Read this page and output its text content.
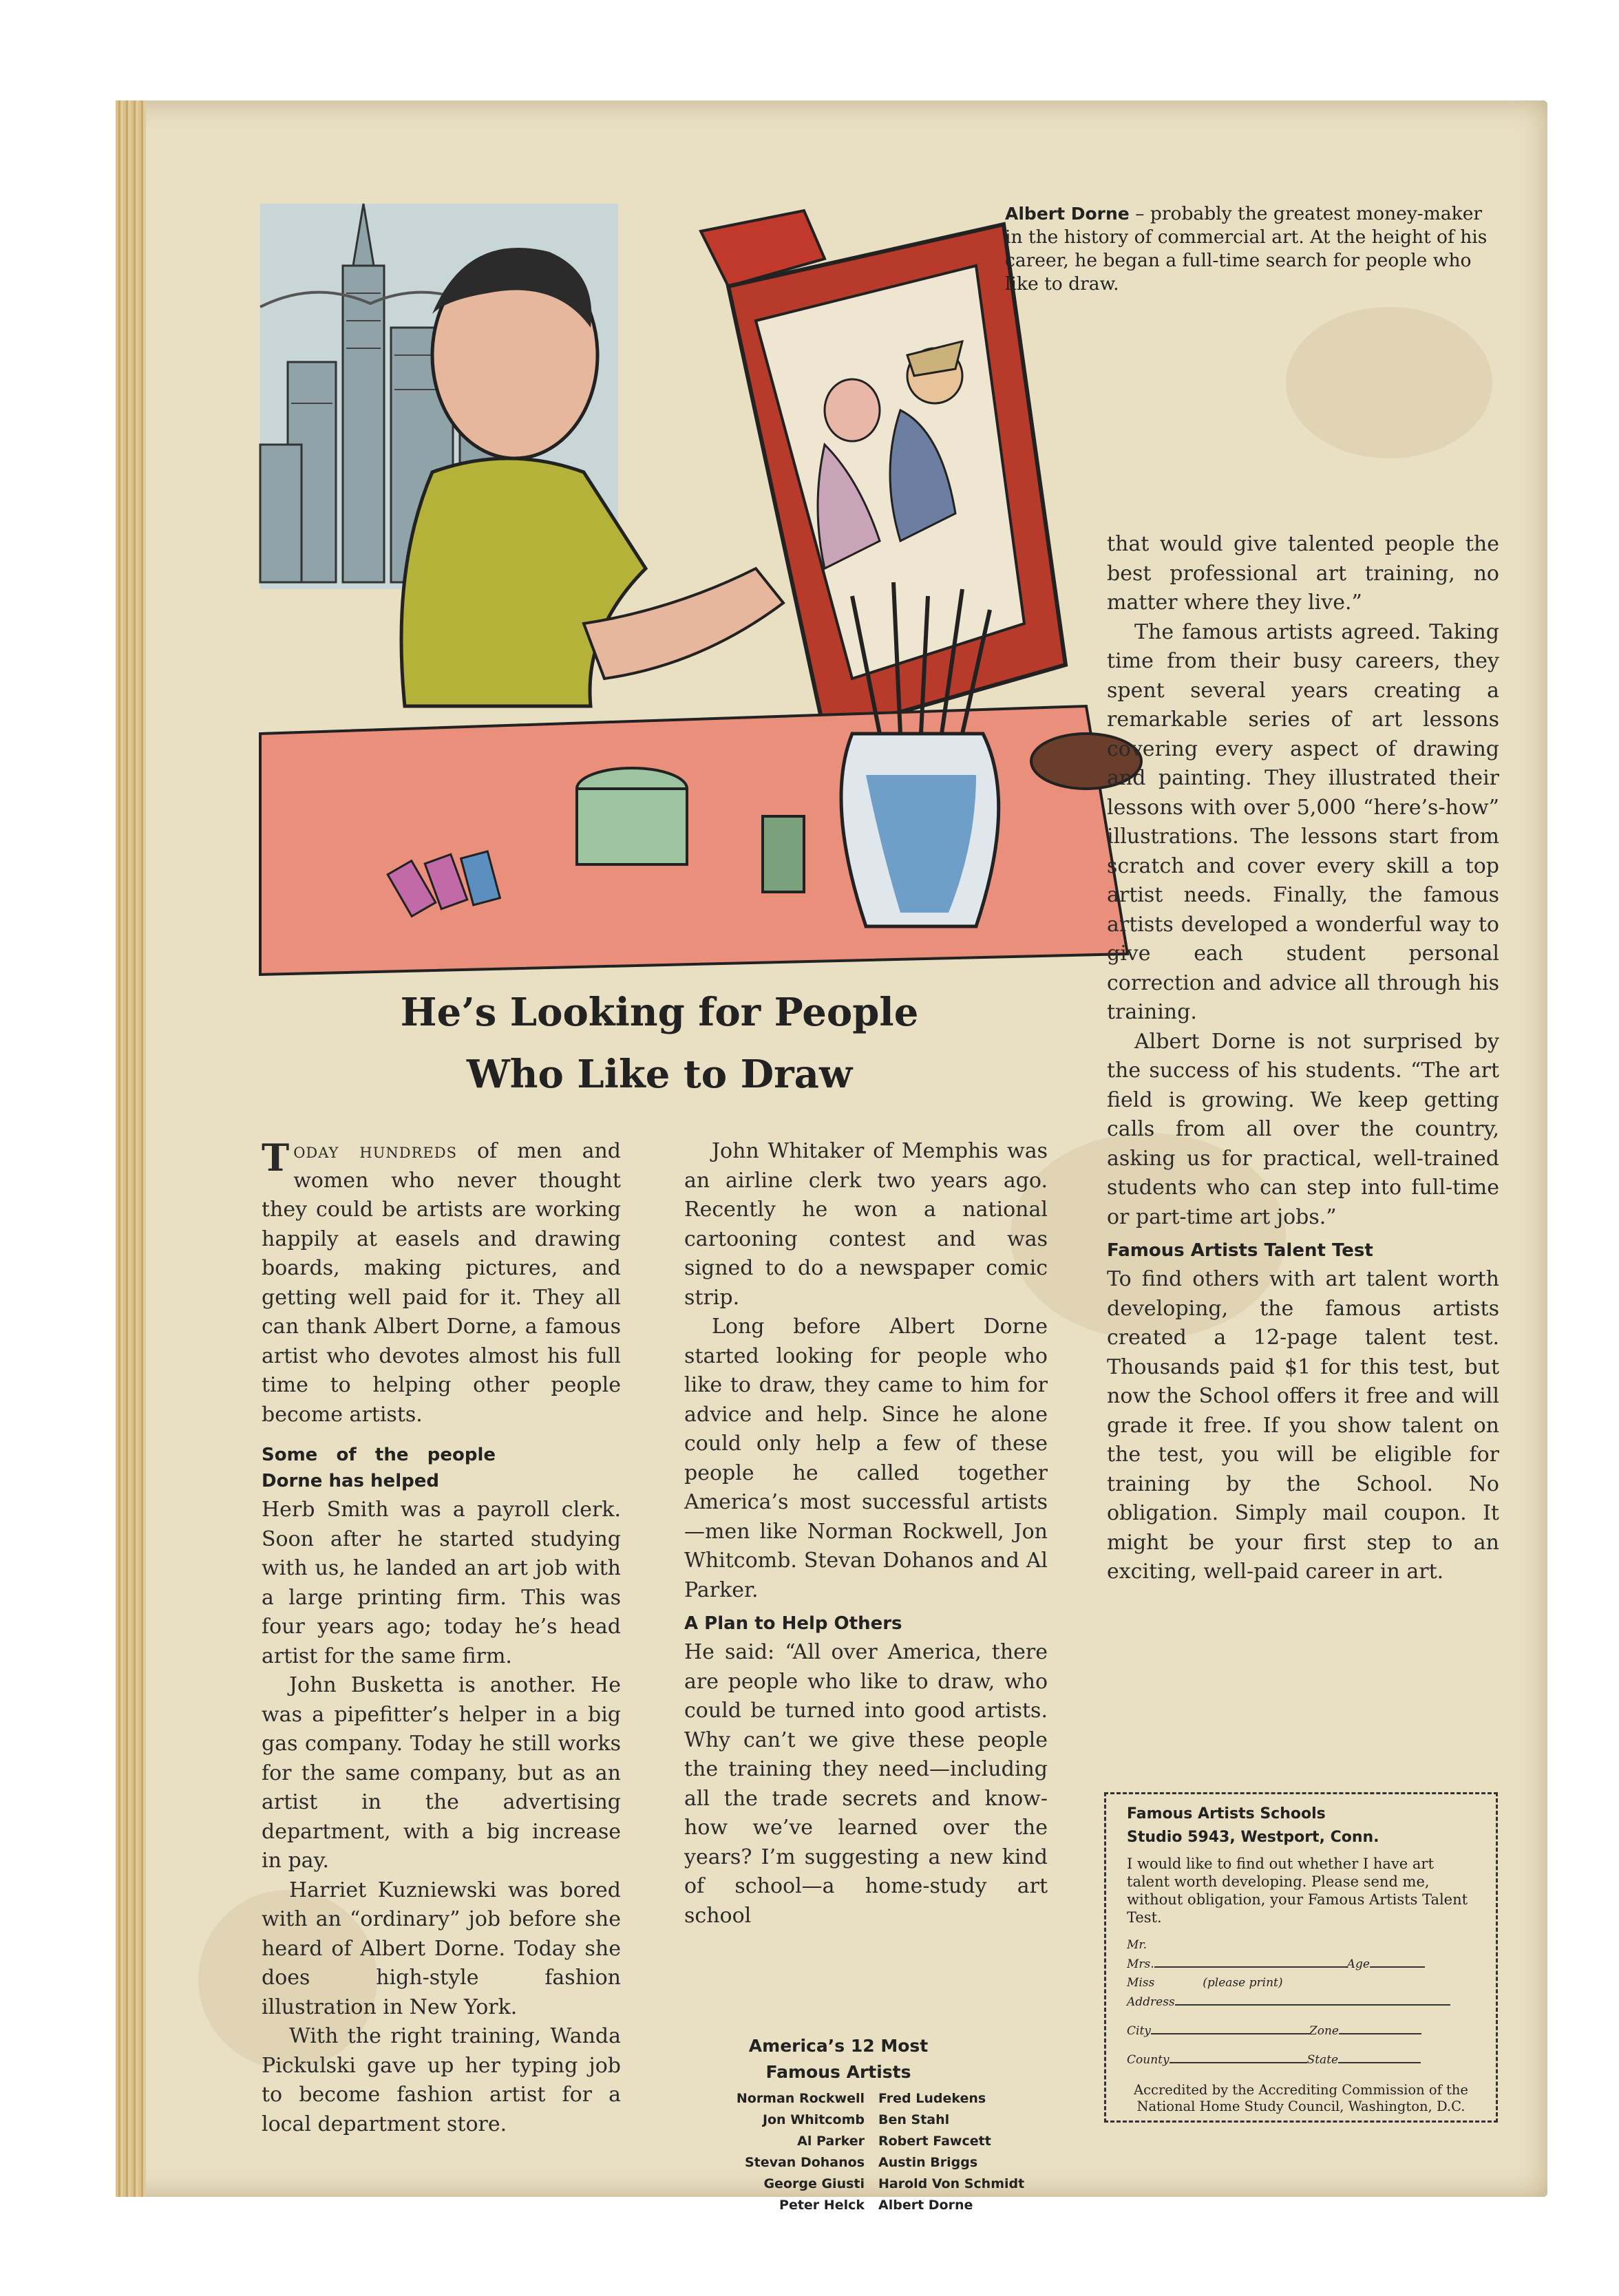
Albert Dorne – probably the greatest money-maker in the history of commercial art. At the height of his career, he began a full-time search for people who like to draw.
He’s Looking for People
Who Like to Draw

Today hundreds of men and women who never thought they could be artists are working happily at easels and drawing boards, making pictures, and getting well paid for it. They all can thank Albert Dorne, a famous artist who devotes almost his full time to helping other people become artists.

Some of the people Dorne has helped

Herb Smith was a payroll clerk. Soon after he started studying with us, he landed an art job with a large printing firm. This was four years ago; today he’s head artist for the same firm.

John Busketta is another. He was a pipefitter’s helper in a big gas company. Today he still works for the same company, but as an artist in the advertising department, with a big increase in pay.

Harriet Kuzniewski was bored with an “ordinary” job before she heard of Albert Dorne. Today she does high-style fashion illustration in New York.

With the right training, Wanda Pickulski gave up her typing job to become fashion artist for a local department store.

John Whitaker of Memphis was an airline clerk two years ago. Recently he won a national cartooning contest and was signed to do a newspaper comic strip.

Long before Albert Dorne started looking for people who like to draw, they came to him for advice and help. Since he alone could only help a few of these people he called together America’s most successful artists —men like Norman Rockwell, Jon Whitcomb. Stevan Dohanos and Al Parker.

A Plan to Help Others

He said: “All over America, there are people who like to draw, who could be turned into good artists. Why can’t we give these people the training they need—including all the trade secrets and know-how we’ve learned over the years? I’m suggesting a new kind of school—a home-study art school

that would give talented people the best professional art training, no matter where they live.”

The famous artists agreed. Taking time from their busy careers, they spent several years creating a remarkable series of art lessons covering every aspect of drawing and painting. They illustrated their lessons with over 5,000 “here’s-how” illustrations. The lessons start from scratch and cover every skill a top artist needs. Finally, the famous artists developed a wonderful way to give each student personal correction and advice all through his training.

Albert Dorne is not surprised by the success of his students. “The art field is growing. We keep getting calls from all over the country, asking us for practical, well-trained students who can step into full-time or part-time art jobs.”

Famous Artists Talent Test

To find others with art talent worth developing, the famous artists created a 12-page talent test. Thousands paid $1 for this test, but now the School offers it free and will grade it free. If you show talent on the test, you will be eligible for training by the School. No obligation. Simply mail coupon. It might be your first step to an exciting, well-paid career in art.

America’s 12 Most
Famous Artists
Norman Rockwell	Fred Ludekens
Jon Whitcomb	Ben Stahl
Al Parker	Robert Fawcett
Stevan Dohanos	Austin Briggs
George Giusti	Harold Von Schmidt
Peter Helck	Albert Dorne
Famous Artists Schools
Studio 5943, Westport, Conn.
I would like to find out whether I have art talent worth developing. Please send me, without obligation, your Famous Artists Talent Test.
Mr.
Mrs.	Age
Miss	(please print)
Address
City	Zone
County	State
Accredited by the Accrediting Commission of the National Home Study Council, Washington, D.C.
